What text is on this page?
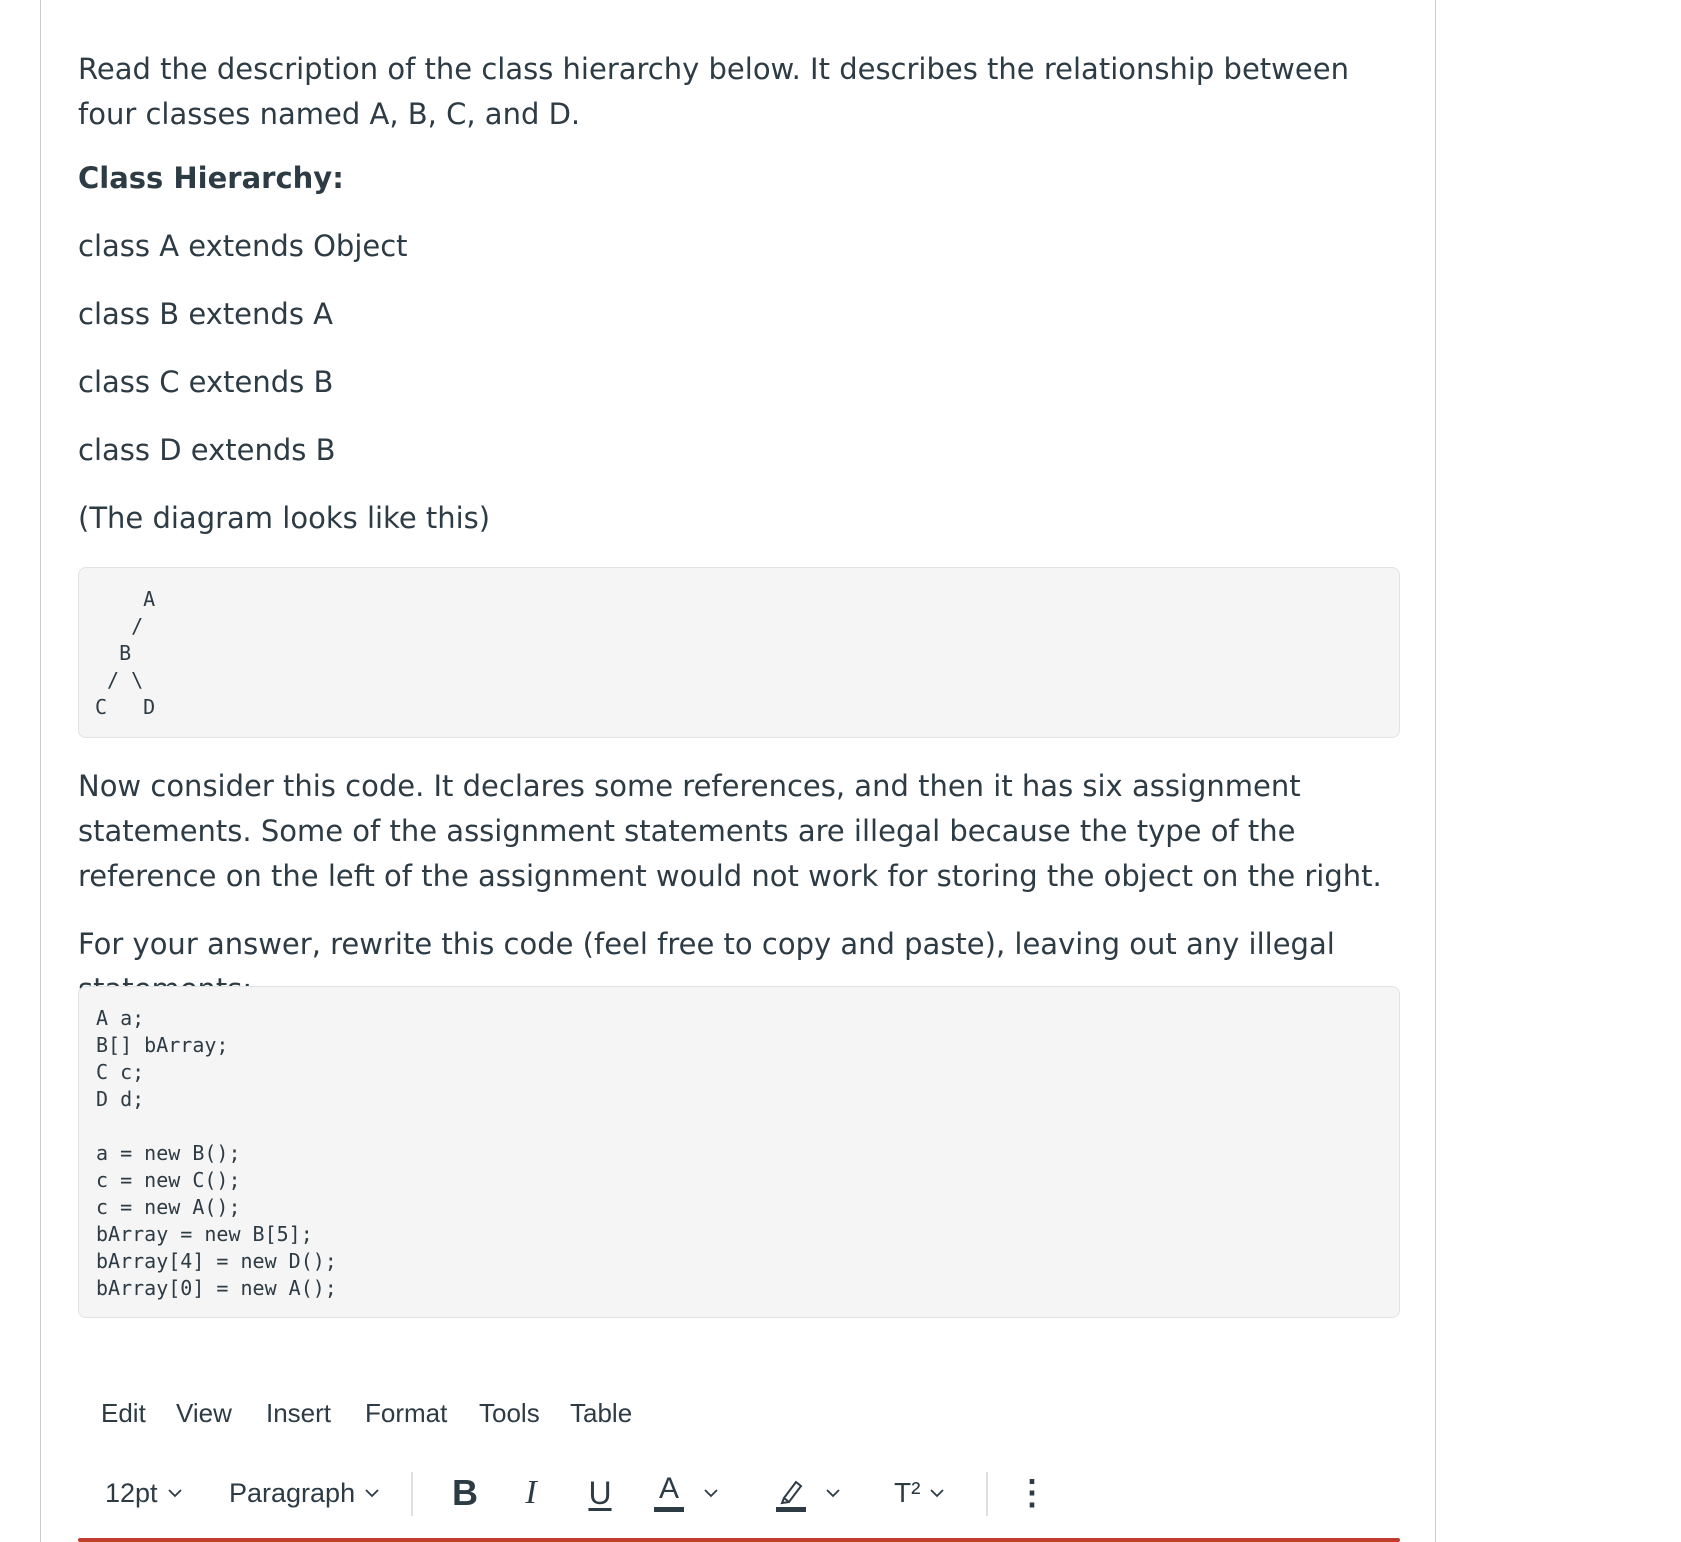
Read the description of the class hierarchy below. It describes the relationship between four classes named A, B, C, and D.

Class Hierarchy:

class A extends Object

class B extends A

class C extends B

class D extends B

(The diagram looks like this)

A
/
B
/ \
C   D

Now consider this code. It declares some references, and then it has six assignment statements. Some of the assignment statements are illegal because the type of the reference on the left of the assignment would not work for storing the object on the right.

For your answer, rewrite this code (feel free to copy and paste), leaving out any illegal

A a;
B[] bArray;
C c;
D d;
a = new B();
c = new C();
c = new A();
bArray = new B[5];
bArray[4] = new D();
bArray[0] = new A();
Edit View Insert Format Tools Table
12pt	Paragraph	B I U A	T²	⋮
